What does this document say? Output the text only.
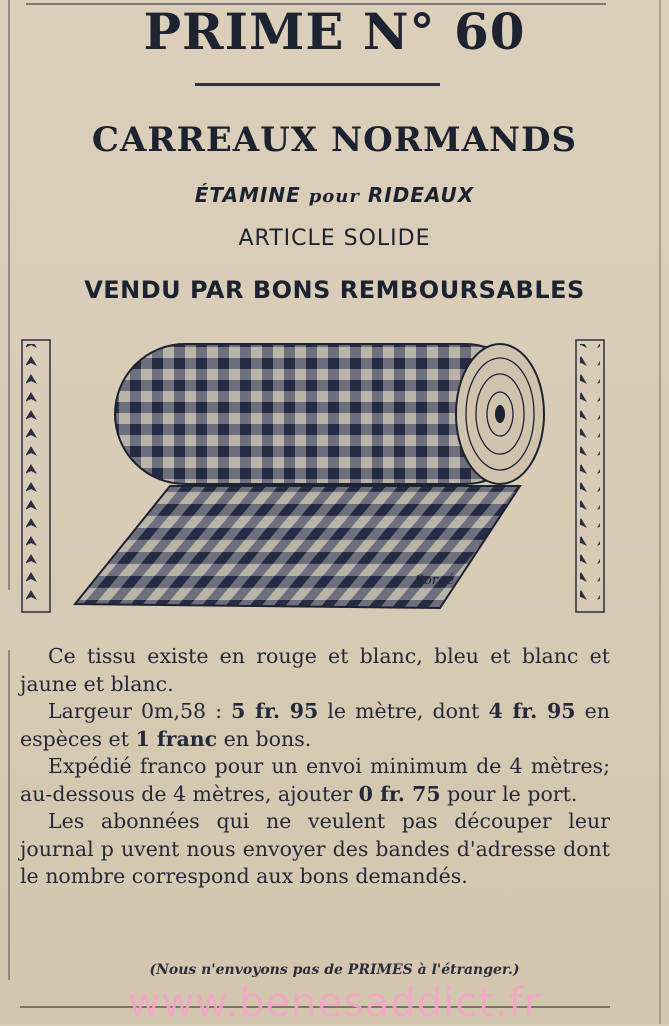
PRIME N° 60
CARREAUX NORMANDS
ÉTAMINE pour RIDEAUX
ARTICLE SOLIDE
VENDU PAR BONS REMBOURSABLES
Sorgé

Ce tissu existe en rouge et blanc, bleu et blanc et jaune et blanc.

Largeur 0m,58 : 5 fr. 95 le mètre, dont 4 fr. 95 en espèces et 1 franc en bons.

Expédié franco pour un envoi minimum de 4 mètres; au-dessous de 4 mètres, ajouter 0 fr. 75 pour le port.

Les abonnées qui ne veulent pas découper leur journal p uvent nous envoyer des bandes d'adresse dont le nombre correspond aux bons demandés.

(Nous n'envoyons pas de PRIMES à l'étranger.)
www.benesaddict.fr
